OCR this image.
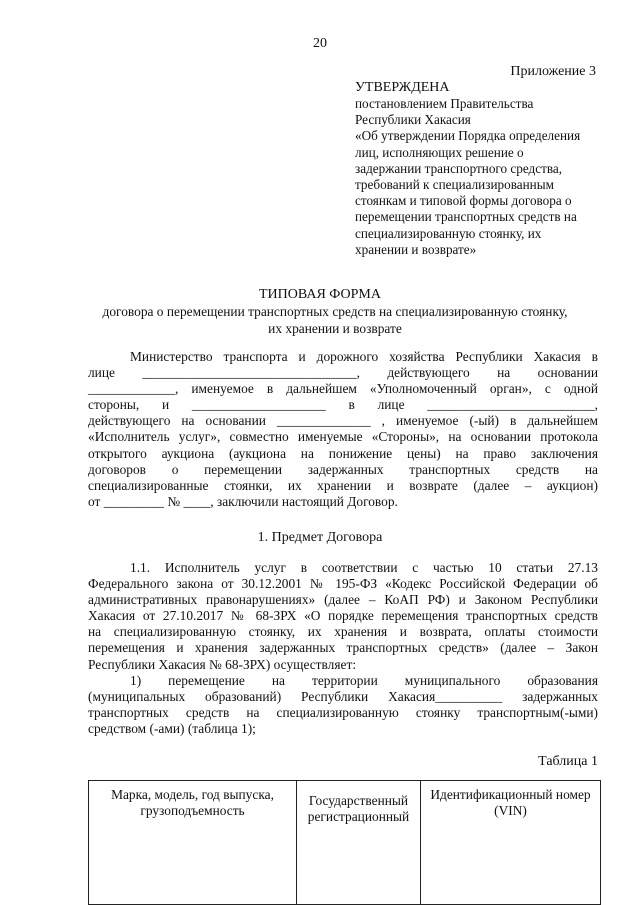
20
Приложение 3
УТВЕРЖДЕНА
постановлением Правительства
Республики Хакасия
«Об утверждении Порядка определения
лиц, исполняющих решение о
задержании транспортного средства,
требований к специализированным
стоянкам и типовой формы договора о
перемещении транспортных средств на
специализированную стоянку, их
хранении и возврате»
ТИПОВАЯ ФОРМА
договора о перемещении транспортных средств на специализированную стоянку,
их хранении и возврате
Министерство транспорта и дорожного хозяйства Республики Хакасия в
лице ________________________________, действующего на основании
_____________, именуемое в дальнейшем «Уполномоченный орган», с одной
стороны, и ____________________ в лице _________________________,
действующего на основании ______________ , именуемое (-ый) в дальнейшем
«Исполнитель услуг», совместно именуемые «Стороны», на основании протокола
открытого аукциона (аукциона на понижение цены) на право заключения
договоров о перемещении задержанных транспортных средств на
специализированные стоянки, их хранении и возврате (далее – аукцион)
от _________ № ____, заключили настоящий Договор.
1. Предмет Договора
1.1. Исполнитель услуг в соответствии с частью 10 статьи 27.13
Федерального закона от 30.12.2001 № 195-ФЗ «Кодекс Российской Федерации об
административных правонарушениях» (далее – КоАП РФ) и Законом Республики
Хакасия от 27.10.2017 № 68-ЗРХ «О порядке перемещения транспортных средств
на специализированную стоянку, их хранения и возврата, оплаты стоимости
перемещения и хранения задержанных транспортных средств» (далее – Закон
Республики Хакасия № 68-ЗРХ) осуществляет:
1) перемещение на территории муниципального образования
(муниципальных образований) Республики Хакасия__________ задержанных
транспортных средств на специализированную стоянку транспортным(-ыми)
средством (-ами) (таблица 1);
Таблица 1
Марка, модель, год выпуска, грузоподъемность	Государственный регистрационный	Идентификационный номер (VIN)
